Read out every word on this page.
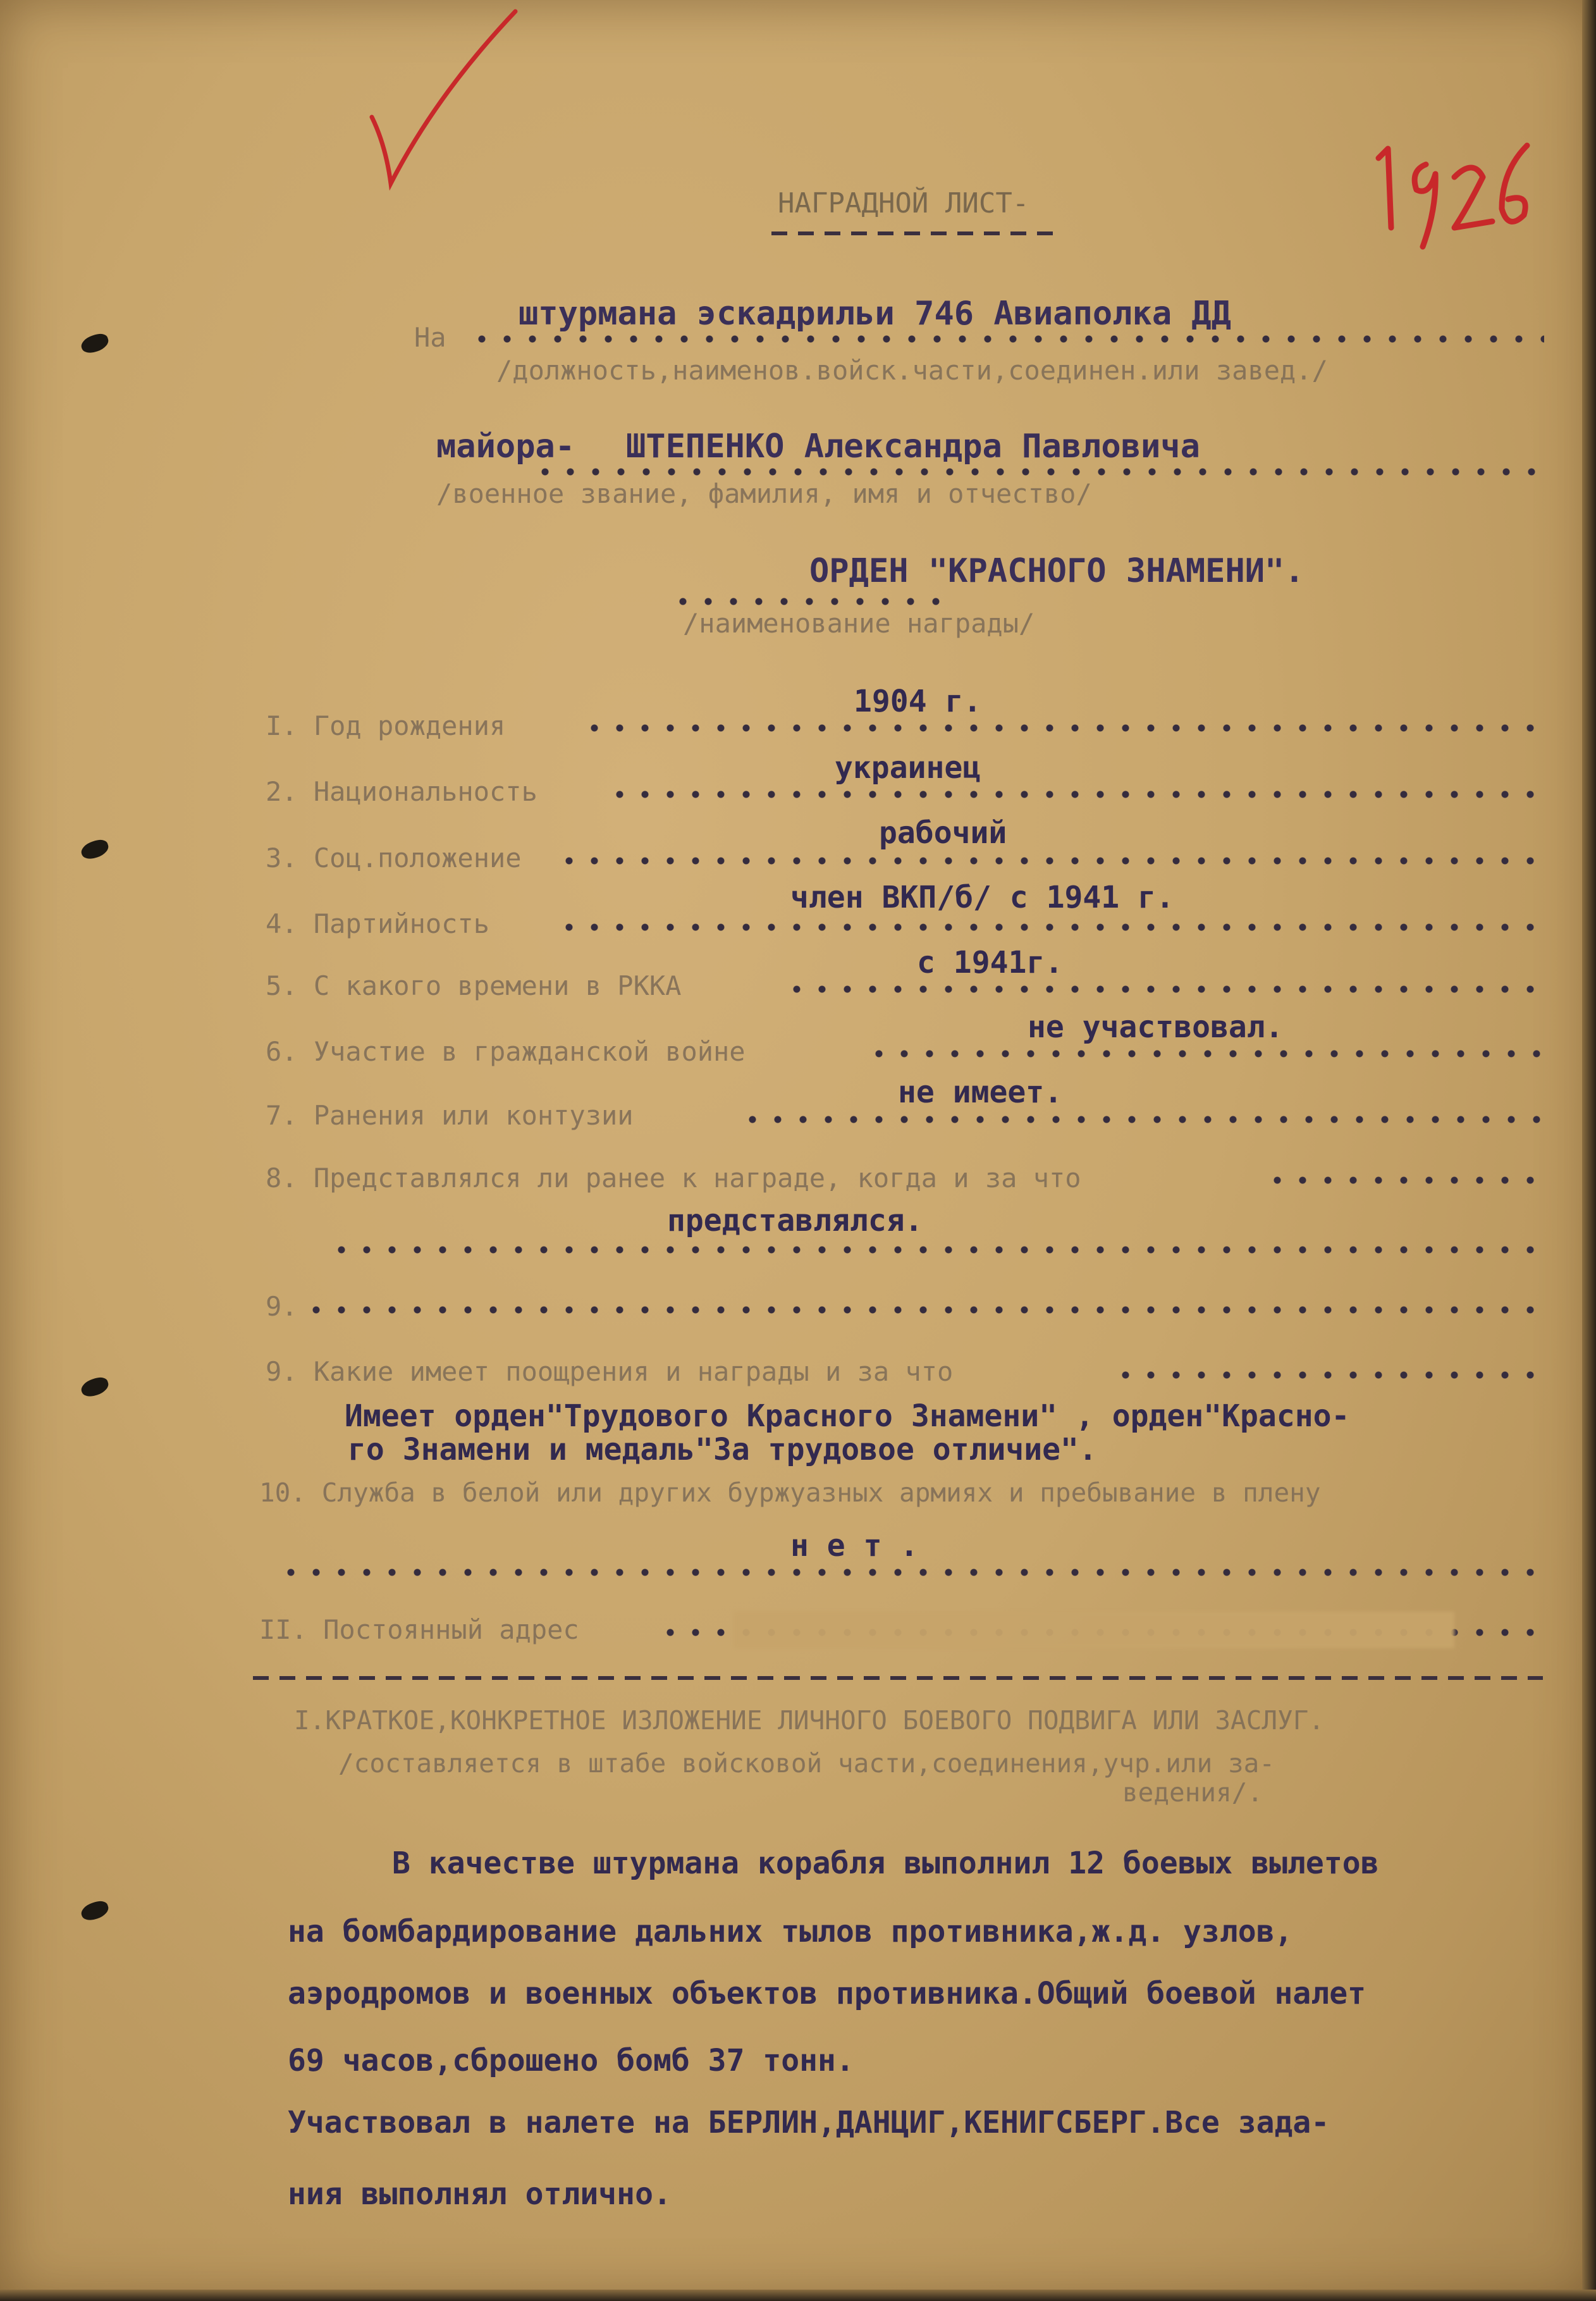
НАГРАДНОЙ ЛИСТ-
На
штурмана эскадрильи 746 Авиаполка ДД
/должность,наименов.войск.части,соединен.или завед./
майора- ШТЕПЕНКО Александра Павловича
/военное звание, фамилия, имя и отчество/
ОРДЕН "КРАСНОГО ЗНАМЕНИ".
/наименование награды/
I. Год рождения
1904 г.
2. Национальность
украинец
3. Соц.положение
рабочий
4. Партийность
член ВКП/б/ с 1941 г.
5. С какого времени в РККА
с 1941г.
6. Участие в гражданской войне
не участвовал.
7. Ранения или контузии
не имеет.
8. Представлялся ли ранее к награде, когда и за что
представлялся.
9.
9. Какие имеет поощрения и награды и за что
Имеет орден"Трудового Красного Знамени" , орден"Красно-
го Знамени и медаль"За трудовое отличие".
10. Служба в белой или других буржуазных армиях и пребывание в плену
н е т .
II. Постоянный адрес
I.КРАТКОЕ,КОНКРЕТНОЕ ИЗЛОЖЕНИЕ ЛИЧНОГО БОЕВОГО ПОДВИГА ИЛИ ЗАСЛУГ.
/составляется в штабе войсковой части,соединения,учр.или за-
ведения/.
В качестве штурмана корабля выполнил 12 боевых вылетов
на бомбардирование дальних тылов противника,ж.д. узлов,
аэродромов и военных объектов противника.Общий боевой налет
69 часов,сброшено бомб 37 тонн.
Участвовал в налете на БЕРЛИН,ДАНЦИГ,КЕНИГСБЕРГ.Все зада-
ния выполнял отлично.
